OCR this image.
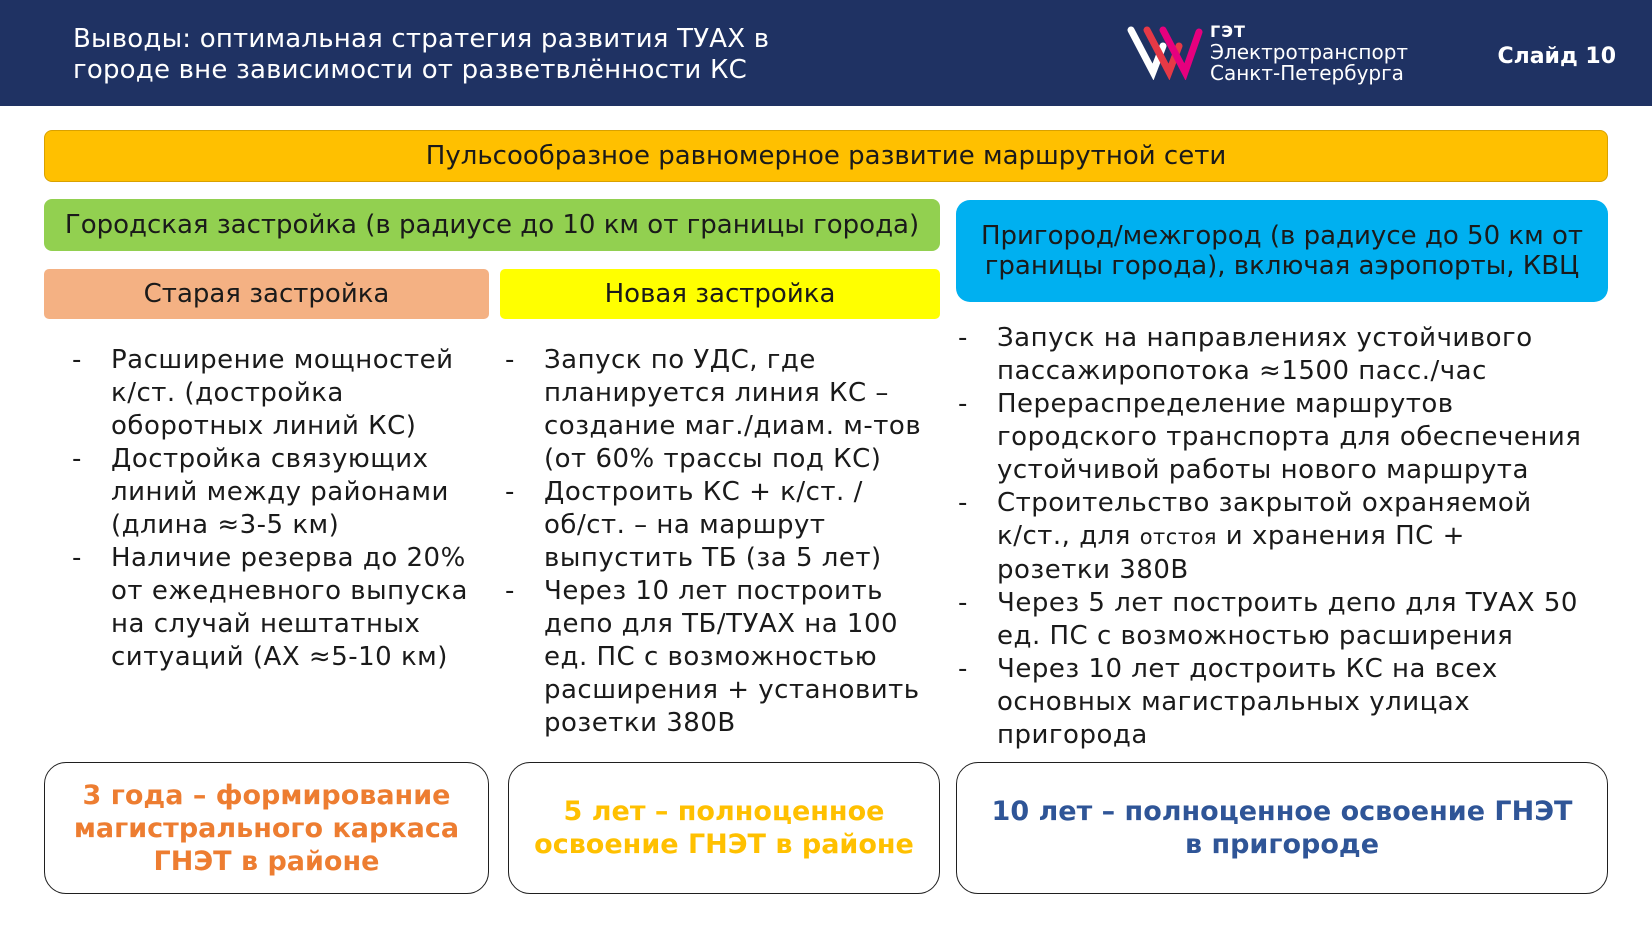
Выводы: оптимальная стратегия развития ТУАХ в
городе вне зависимости от разветвлённости КС
ГЭТ
Электротранспорт
Санкт-Петербурга
Слайд 10
Пульсообразное равномерное развитие маршрутной сети
Городская застройка (в радиусе до 10 км от границы города)	Пригород/межгород (в радиусе до 50 км от
границы города), включая аэропорты, КВЦ
Старая застройка	Новая застройка
- Расширение мощностей
к/ст. (достройка
оборотных линий КС)
- Достройка связующих
линий между районами
(длина ≈3-5 км)
- Наличие резерва до 20%
от ежедневного выпуска
на случай нештатных
ситуаций (АХ ≈5-10 км)
- Запуск по УДС, где
планируется линия КС –
создание маг./диам. м-тов
(от 60% трассы под КС)
- Достроить КС + к/ст. /
об/ст. – на маршрут
выпустить ТБ (за 5 лет)
- Через 10 лет построить
депо для ТБ/ТУАХ на 100
ед. ПС с возможностью
расширения + установить
розетки 380В
- Запуск на направлениях устойчивого
пассажиропотока ≈1500 пасс./час
- Перераспределение маршрутов
городского транспорта для обеспечения
устойчивой работы нового маршрута
- Строительство закрытой охраняемой
к/ст., для отстоя и хранения ПС +
розетки 380В
- Через 5 лет построить депо для ТУАХ 50
ед. ПС с возможностью расширения
- Через 10 лет достроить КС на всех
основных магистральных улицах
пригорода
3 года – формирование
магистрального каркаса
ГНЭТ в районе
5 лет – полноценное
освоение ГНЭТ в районе
10 лет – полноценное освоение ГНЭТ
в пригороде
